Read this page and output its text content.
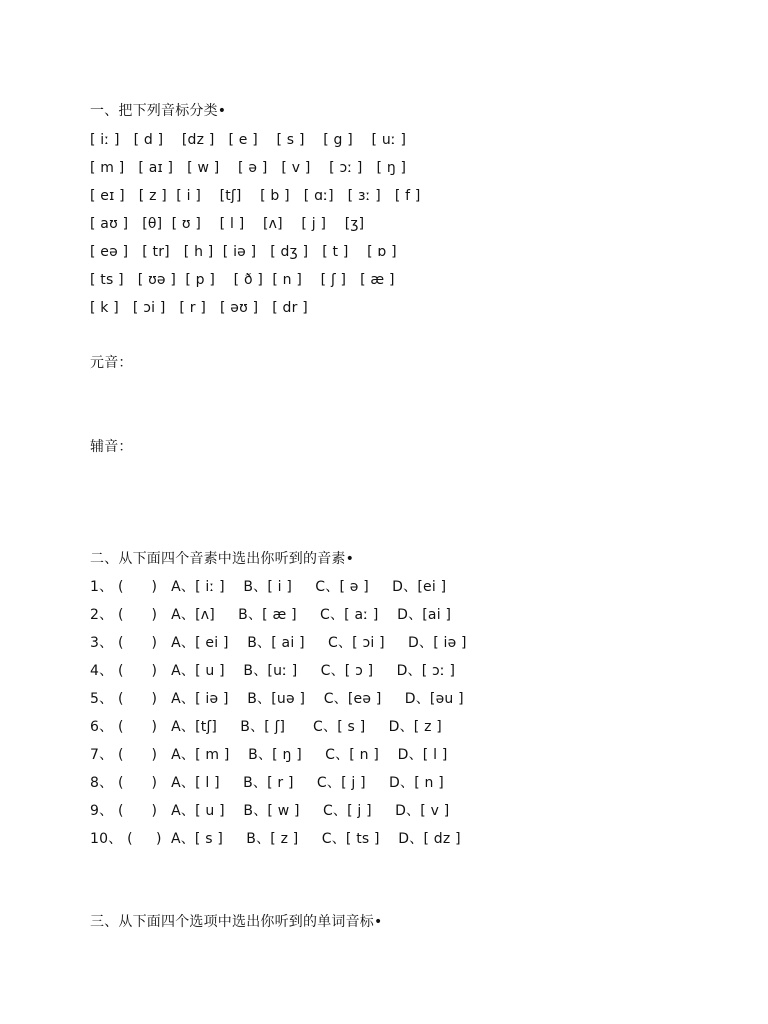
一、把下列音标分类•
[ iː ]   [ d ]    [dz ]   [ e ]    [ s ]    [ g ]    [ uː ]
[ m ]   [ aɪ ]   [ w ]    [ ə ]   [ v ]    [ ɔː ]   [ ŋ ]
[ eɪ ]   [ z ]  [ i ]    [tʃ]    [ b ]   [ ɑː]   [ ɜː ]   [ f ]
[ aʊ ]   [θ]  [ ʊ ]    [ l ]    [ʌ]    [ j ]    [ʒ]
[ eə ]   [ tr]   [ h ]  [ iə ]   [ dʒ ]   [ t ]    [ ɒ ]
[ ts ]   [ ʊə ]  [ p ]    [ ð ]  [ n ]    [ ʃ ]   [ æ ]
[ k ]   [ ɔi ]   [ r ]   [ əʊ ]   [ dr ]
元音：
辅音：
二、从下面四个音素中选出你听到的音素•
1、 (      )   A、[ iː ]    B、[ i ]     C、[ ə ]     D、[ei ]
2、 (      )   A、[ʌ]     B、[ æ ]     C、[ aː ]    D、[ai ]
3、 (      )   A、[ ei ]    B、[ ai ]     C、[ ɔi ]     D、[ iə ]
4、 (      )   A、[ u ]    B、[uː ]     C、[ ɔ ]     D、[ ɔː ]
5、 (      )   A、[ iə ]    B、[uə ]    C、[eə ]     D、[əu ]
6、 (      )   A、[tʃ]     B、[ ʃ]      C、[ s ]     D、[ z ]
7、 (      )   A、[ m ]    B、[ ŋ ]     C、[ n ]    D、[ l ]
8、 (      )   A、[ l ]     B、[ r ]     C、[ j ]     D、[ n ]
9、 (      )   A、[ u ]    B、[ w ]     C、[ j ]     D、[ v ]
10、 (     )  A、[ s ]     B、[ z ]     C、[ ts ]    D、[ dz ]
三、从下面四个选项中选出你听到的单词音标•
